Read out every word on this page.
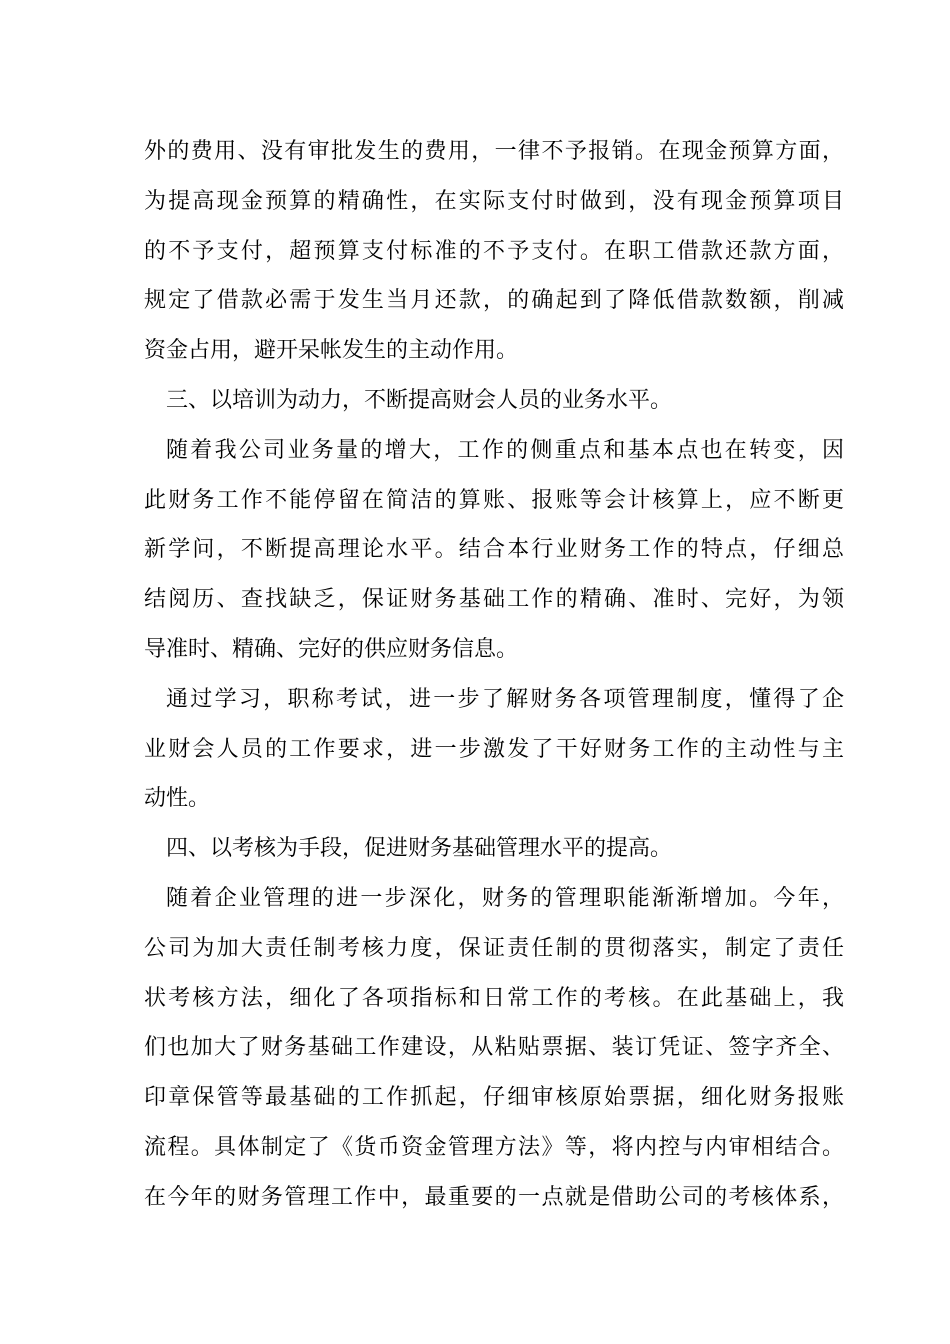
外的费用、没有审批发生的费用，一律不予报销。在现金预算方面，
为提高现金预算的精确性，在实际支付时做到，没有现金预算项目
的不予支付，超预算支付标准的不予支付。在职工借款还款方面，
规定了借款必需于发生当月还款，的确起到了降低借款数额，削减
资金占用，避开呆帐发生的主动作用。
三、以培训为动力，不断提高财会人员的业务水平。
随着我公司业务量的增大，工作的侧重点和基本点也在转变，因
此财务工作不能停留在简洁的算账、报账等会计核算上，应不断更
新学问，不断提高理论水平。结合本行业财务工作的特点，仔细总
结阅历、查找缺乏，保证财务基础工作的精确、准时、完好，为领
导准时、精确、完好的供应财务信息。
通过学习，职称考试，进一步了解财务各项管理制度，懂得了企
业财会人员的工作要求，进一步激发了干好财务工作的主动性与主
动性。
四、以考核为手段，促进财务基础管理水平的提高。
随着企业管理的进一步深化，财务的管理职能渐渐增加。今年，
公司为加大责任制考核力度，保证责任制的贯彻落实，制定了责任
状考核方法，细化了各项指标和日常工作的考核。在此基础上，我
们也加大了财务基础工作建设，从粘贴票据、装订凭证、签字齐全、
印章保管等最基础的工作抓起，仔细审核原始票据，细化财务报账
流程。具体制定了《货币资金管理方法》等，将内控与内审相结合。
在今年的财务管理工作中，最重要的一点就是借助公司的考核体系，
